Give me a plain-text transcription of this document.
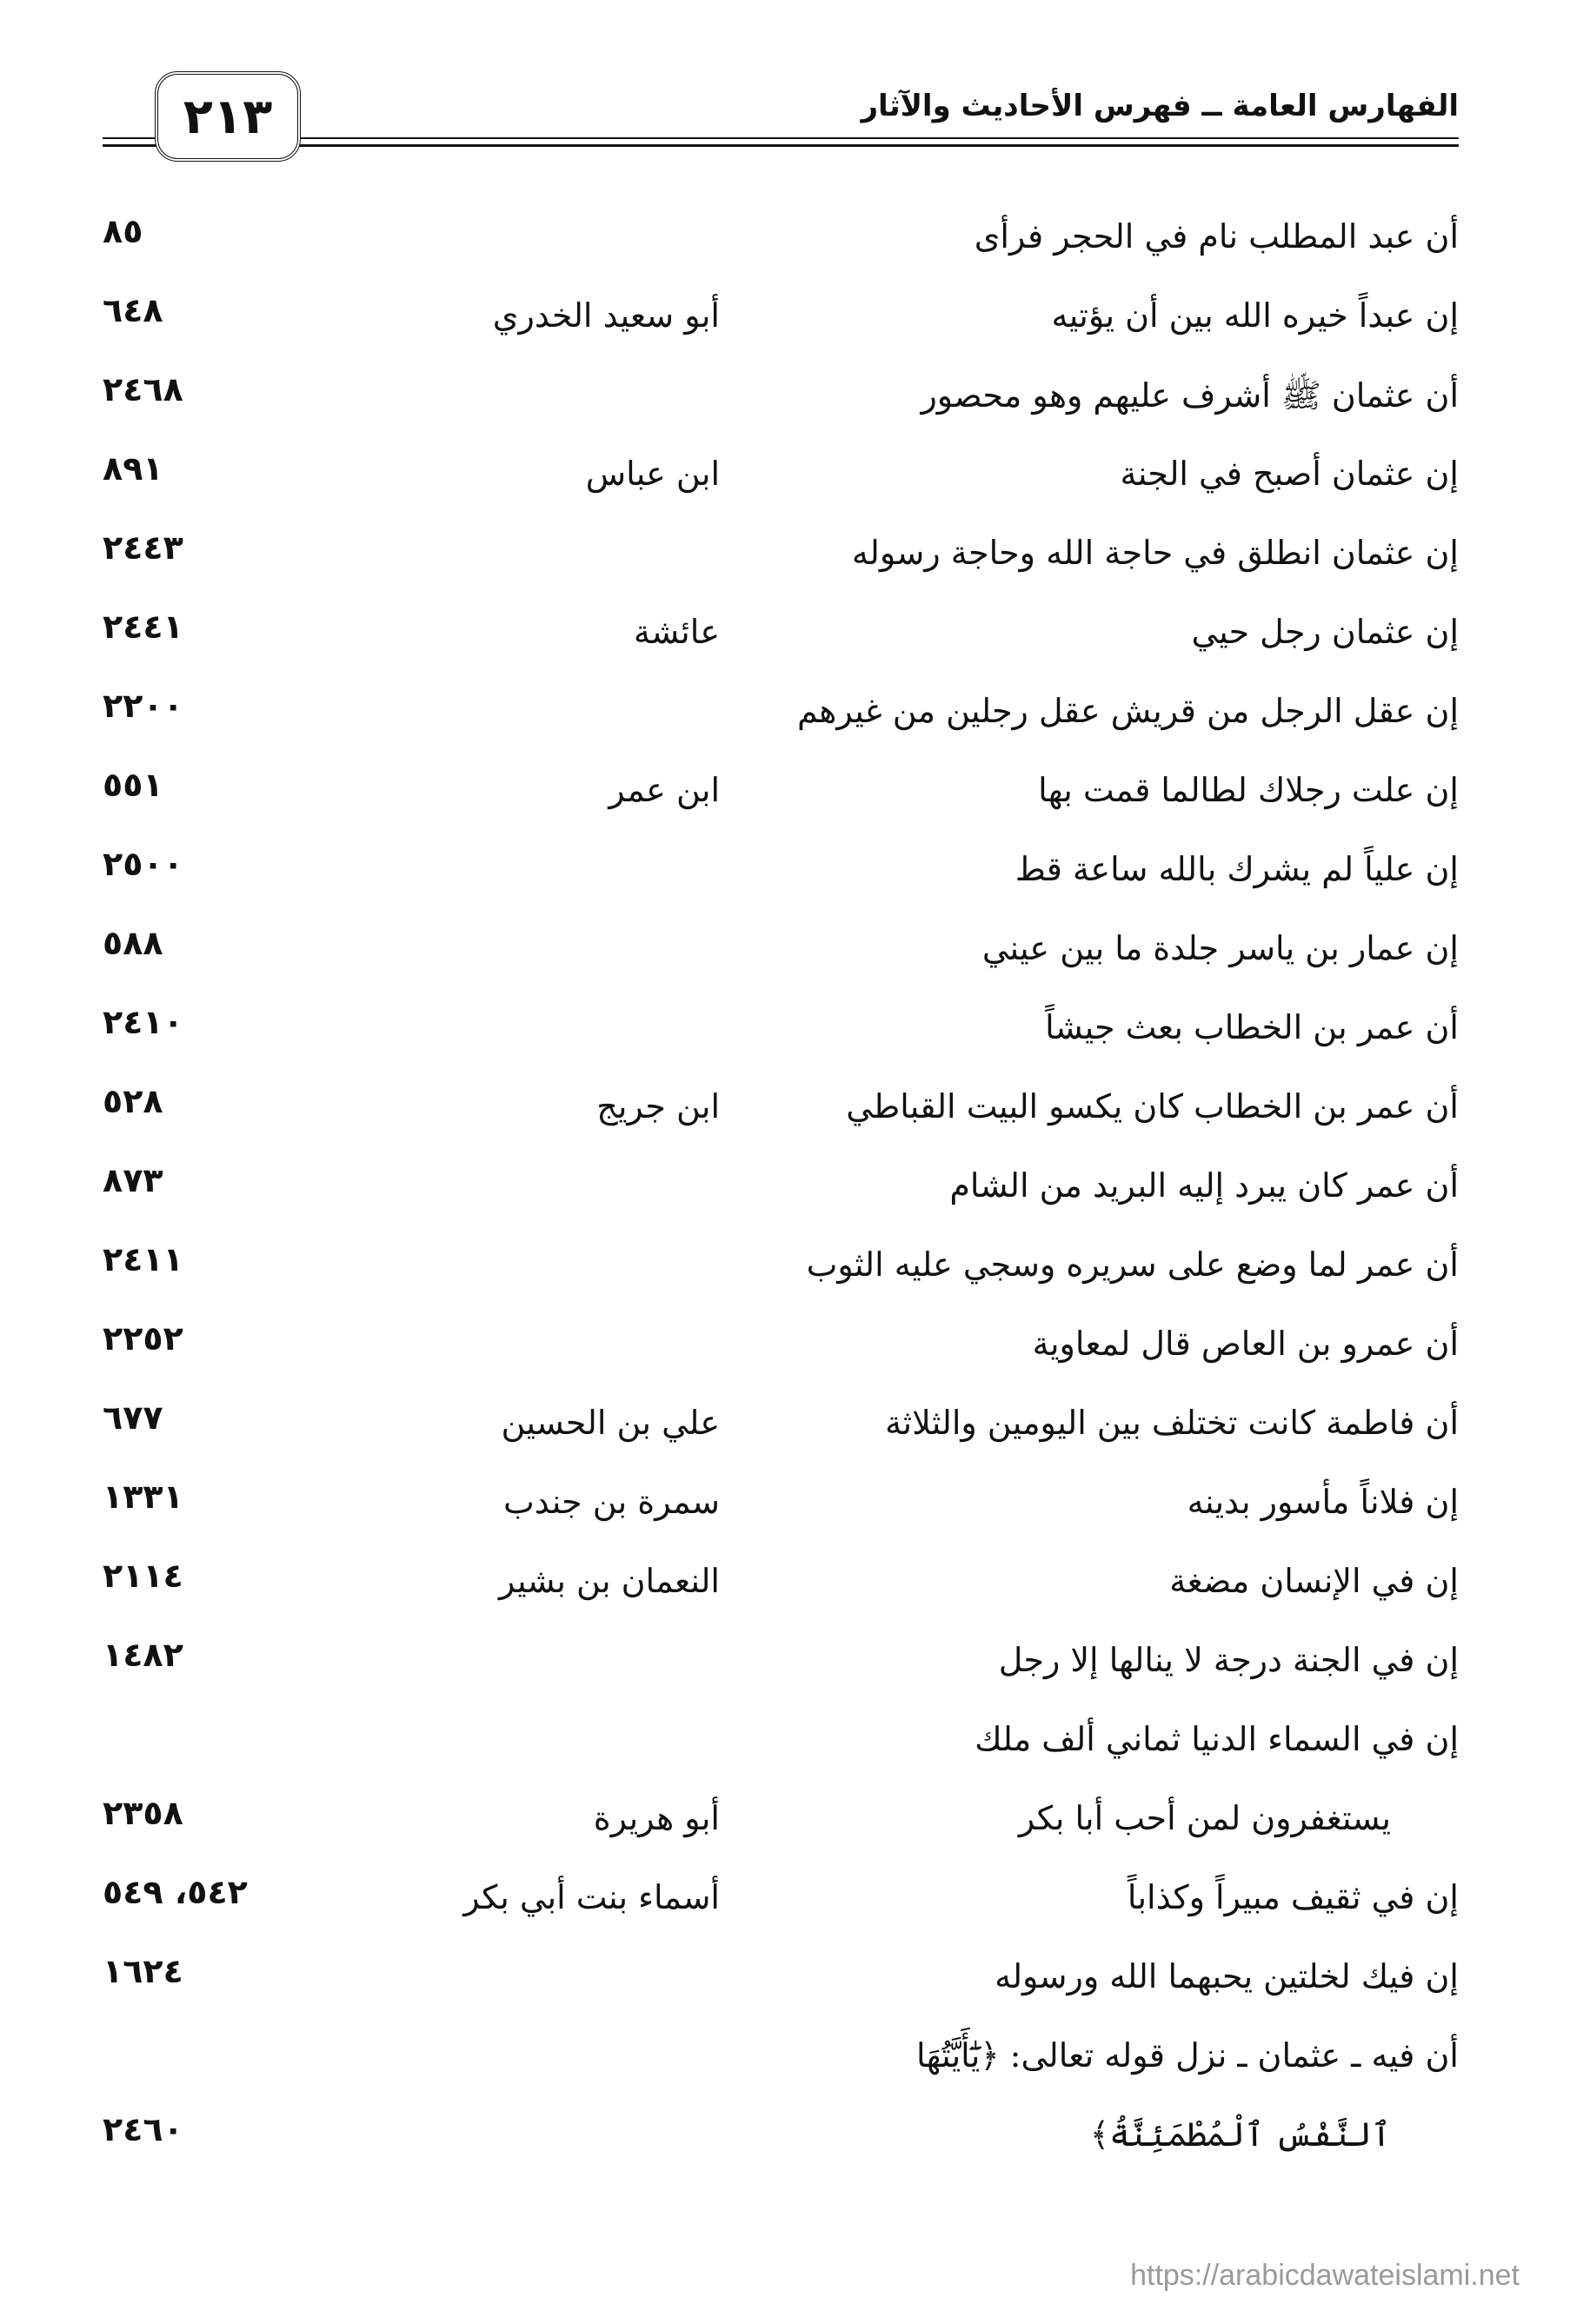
الفهارس العامة ــ فهرس الأحاديث والآثار
٢١٣
أن عبد المطلب نام في الحجر فرأى
٨٥
إن عبداً خيره الله بين أن يؤتيه
أبو سعيد الخدري
٦٤٨
أن عثمان ﷺ أشرف عليهم وهو محصور
٢٤٦٨
إن عثمان أصبح في الجنة
ابن عباس
٨٩١
إن عثمان انطلق في حاجة الله وحاجة رسوله
٢٤٤٣
إن عثمان رجل حيي
عائشة
٢٤٤١
إن عقل الرجل من قريش عقل رجلين من غيرهم
٢٢٠٠
إن علت رجلاك لطالما قمت بها
ابن عمر
٥٥١
إن علياً لم يشرك بالله ساعة قط
٢٥٠٠
إن عمار بن ياسر جلدة ما بين عيني
٥٨٨
أن عمر بن الخطاب بعث جيشاً
٢٤١٠
أن عمر بن الخطاب كان يكسو البيت القباطي
ابن جريج
٥٢٨
أن عمر كان يبرد إليه البريد من الشام
٨٧٣
أن عمر لما وضع على سريره وسجي عليه الثوب
٢٤١١
أن عمرو بن العاص قال لمعاوية
٢٢٥٢
أن فاطمة كانت تختلف بين اليومين والثلاثة
علي بن الحسين
٦٧٧
إن فلاناً مأسور بدينه
سمرة بن جندب
١٣٣١
إن في الإنسان مضغة
النعمان بن بشير
٢١١٤
إن في الجنة درجة لا ينالها إلا رجل
١٤٨٢
إن في السماء الدنيا ثماني ألف ملك
يستغفرون لمن أحب أبا بكر
أبو هريرة
٢٣٥٨
إن في ثقيف مبيراً وكذاباً
أسماء بنت أبي بكر
٥٤٢، ٥٤٩
إن فيك لخلتين يحبهما الله ورسوله
١٦٢٤
أن فيه ـ عثمان ـ نزل قوله تعالى: ﴿يَٰٓأَيَّتُهَا
ٱلنَّفْسُ ٱلْمُطْمَئِنَّةُ﴾
٢٤٦٠
https://arabicdawateislami.net
